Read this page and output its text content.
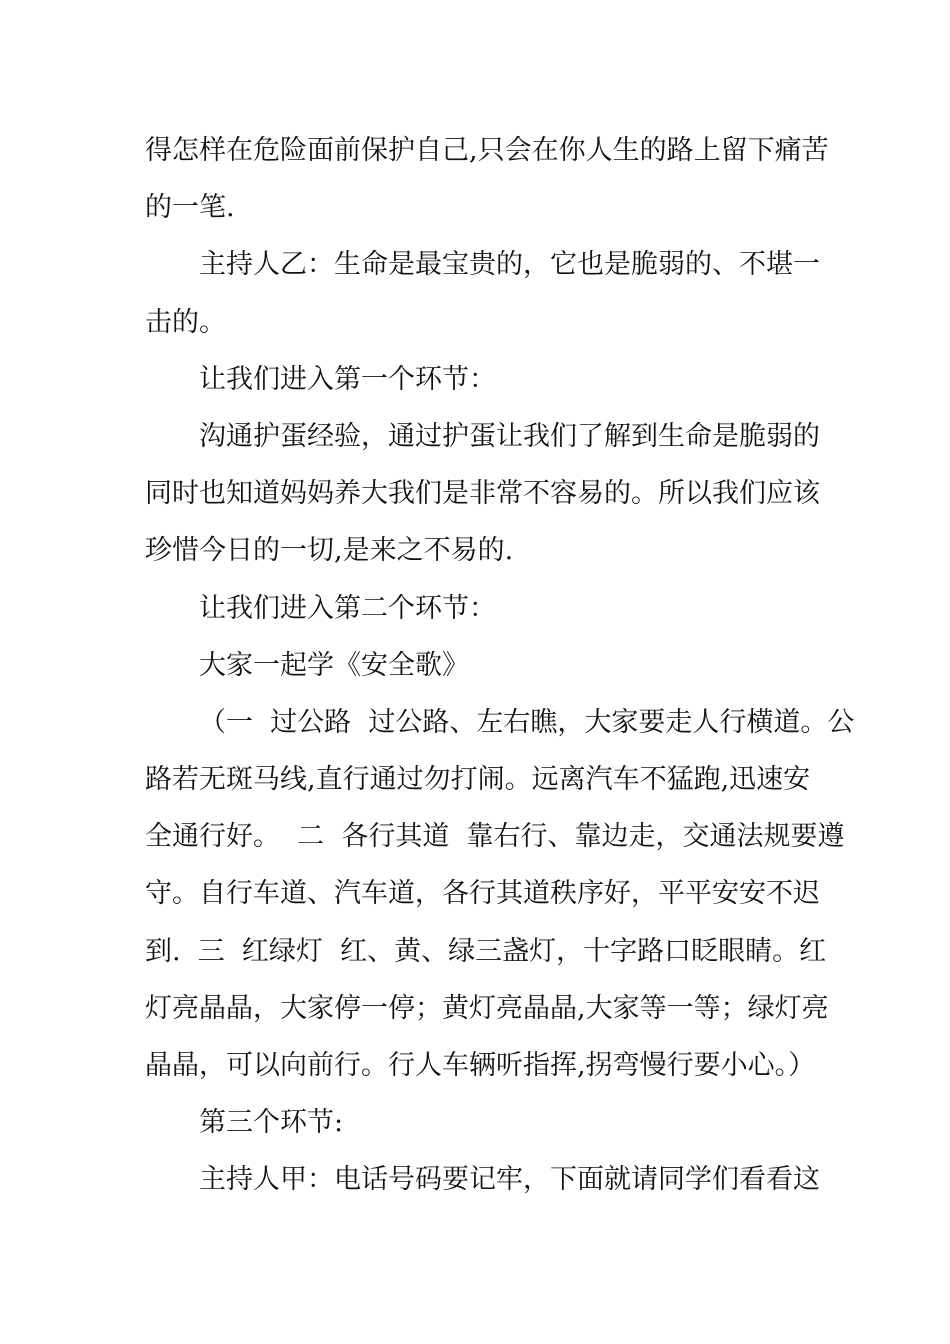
得怎样在危险面前保护自己,只会在你人生的路上留下痛苦
的一笔.
主持人乙：生命是最宝贵的，它也是脆弱的、不堪一
击的。
让我们进入第一个环节：
沟通护蛋经验，通过护蛋让我们了解到生命是脆弱的
同时也知道妈妈养大我们是非常不容易的。所以我们应该
珍惜今日的一切,是来之不易的.
让我们进入第二个环节：
大家一起学《安全歌》
（一  过公路  过公路、左右瞧，大家要走人行横道。公
路若无斑马线,直行通过勿打闹。远离汽车不猛跑,迅速安
全通行好。  二  各行其道  靠右行、靠边走，交通法规要遵
守。自行车道、汽车道，各行其道秩序好，平平安安不迟
到.  三  红绿灯  红、黄、绿三盏灯，十字路口眨眼睛。红
灯亮晶晶，大家停一停；黄灯亮晶晶,大家等一等；绿灯亮
晶晶，可以向前行。行人车辆听指挥,拐弯慢行要小心。）
第三个环节:
主持人甲：电话号码要记牢，下面就请同学们看看这
